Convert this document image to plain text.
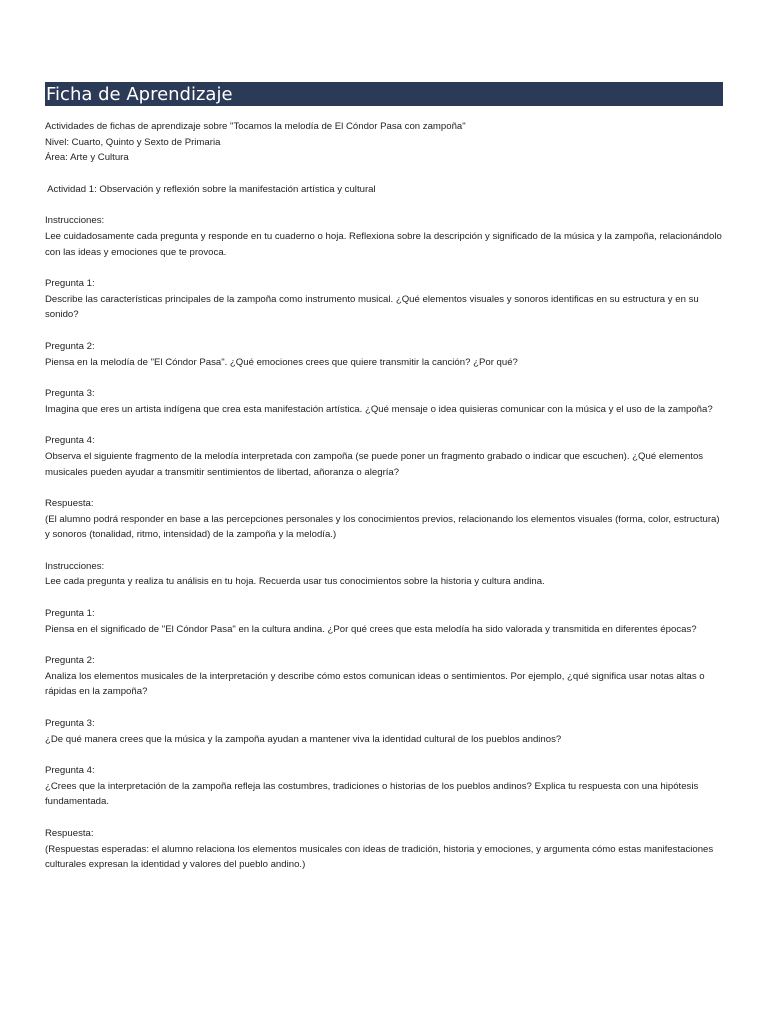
Ficha de Aprendizaje
Actividades de fichas de aprendizaje sobre "Tocamos la melodía de El Cóndor Pasa con zampoña"
Nivel: Cuarto, Quinto y Sexto de Primaria
Área: Arte y Cultura
Actividad 1: Observación y reflexión sobre la manifestación artística y cultural
Instrucciones:
Lee cuidadosamente cada pregunta y responde en tu cuaderno o hoja. Reflexiona sobre la descripción y significado de la música y la zampoña, relacionándolo con las ideas y emociones que te provoca.
Pregunta 1:
Describe las características principales de la zampoña como instrumento musical. ¿Qué elementos visuales y sonoros identificas en su estructura y en su sonido?
Pregunta 2:
Piensa en la melodía de "El Cóndor Pasa". ¿Qué emociones crees que quiere transmitir la canción? ¿Por qué?
Pregunta 3:
Imagina que eres un artista indígena que crea esta manifestación artística. ¿Qué mensaje o idea quisieras comunicar con la música y el uso de la zampoña?
Pregunta 4:
Observa el siguiente fragmento de la melodía interpretada con zampoña (se puede poner un fragmento grabado o indicar que escuchen). ¿Qué elementos musicales pueden ayudar a transmitir sentimientos de libertad, añoranza o alegría?
Respuesta:
(El alumno podrá responder en base a las percepciones personales y los conocimientos previos, relacionando los elementos visuales (forma, color, estructura) y sonoros (tonalidad, ritmo, intensidad) de la zampoña y la melodía.)
Instrucciones:
Lee cada pregunta y realiza tu análisis en tu hoja. Recuerda usar tus conocimientos sobre la historia y cultura andina.
Pregunta 1:
Piensa en el significado de "El Cóndor Pasa" en la cultura andina. ¿Por qué crees que esta melodía ha sido valorada y transmitida en diferentes épocas?
Pregunta 2:
Analiza los elementos musicales de la interpretación y describe cómo estos comunican ideas o sentimientos. Por ejemplo, ¿qué significa usar notas altas o rápidas en la zampoña?
Pregunta 3:
¿De qué manera crees que la música y la zampoña ayudan a mantener viva la identidad cultural de los pueblos andinos?
Pregunta 4:
¿Crees que la interpretación de la zampoña refleja las costumbres, tradiciones o historias de los pueblos andinos? Explica tu respuesta con una hipótesis fundamentada.
Respuesta:
(Respuestas esperadas: el alumno relaciona los elementos musicales con ideas de tradición, historia y emociones, y argumenta cómo estas manifestaciones culturales expresan la identidad y valores del pueblo andino.)
